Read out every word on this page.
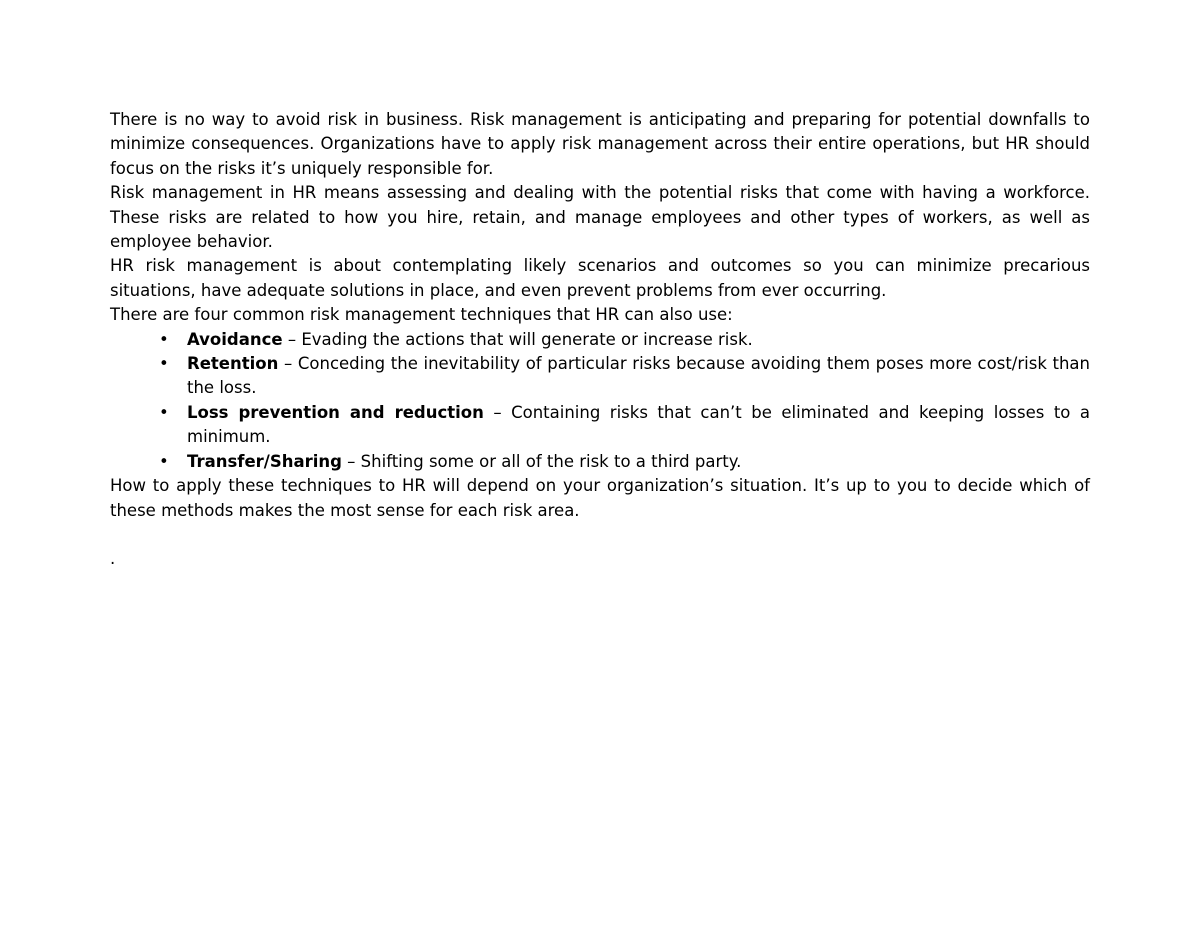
There is no way to avoid risk in business. Risk management is anticipating and preparing for potential downfalls to minimize consequences. Organizations have to apply risk management across their entire operations, but HR should focus on the risks it’s uniquely responsible for.

Risk management in HR means assessing and dealing with the potential risks that come with having a workforce. These risks are related to how you hire, retain, and manage employees and other types of workers, as well as employee behavior.

HR risk management is about contemplating likely scenarios and outcomes so you can minimize precarious situations, have adequate solutions in place, and even prevent problems from ever occurring.

There are four common risk management techniques that HR can also use:

• Avoidance – Evading the actions that will generate or increase risk.
• Retention – Conceding the inevitability of particular risks because avoiding them poses more cost/risk than the loss.
• Loss prevention and reduction – Containing risks that can’t be eliminated and keeping losses to a minimum.
• Transfer/Sharing – Shifting some or all of the risk to a third party.

How to apply these techniques to HR will depend on your organization’s situation. It’s up to you to decide which of these methods makes the most sense for each risk area.

.
